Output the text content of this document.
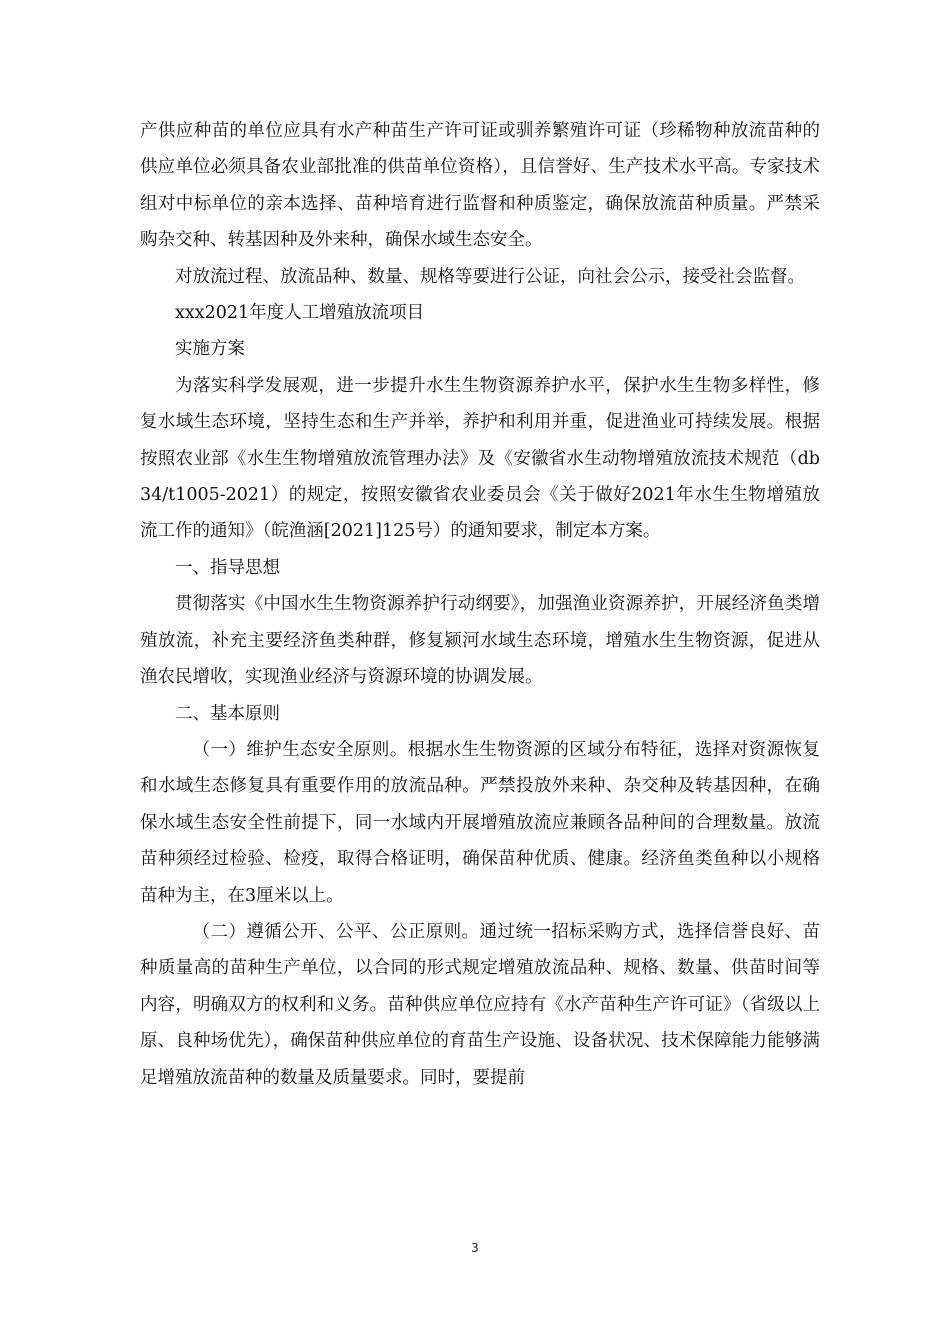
产供应种苗的单位应具有水产种苗生产许可证或驯养繁殖许可证（珍稀物种放流苗种的供应单位必须具备农业部批准的供苗单位资格），且信誉好、生产技术水平高。专家技术组对中标单位的亲本选择、苗种培育进行监督和种质鉴定，确保放流苗种质量。严禁采购杂交种、转基因种及外来种，确保水域生态安全。

对放流过程、放流品种、数量、规格等要进行公证，向社会公示，接受社会监督。

xxx2021年度人工增殖放流项目

实施方案

为落实科学发展观，进一步提升水生生物资源养护水平，保护水生生物多样性，修复水域生态环境，坚持生态和生产并举，养护和利用并重，促进渔业可持续发展。根据按照农业部《水生生物增殖放流管理办法》及《安徽省水生动物增殖放流技术规范（db34/t1005-2021）的规定，按照安徽省农业委员会《关于做好2021年水生生物增殖放流工作的通知》（皖渔涵[2021]125号）的通知要求，制定本方案。

一、指导思想

贯彻落实《中国水生生物资源养护行动纲要》，加强渔业资源养护，开展经济鱼类增殖放流，补充主要经济鱼类种群，修复颍河水域生态环境，增殖水生生物资源，促进从渔农民增收，实现渔业经济与资源环境的协调发展。

二、基本原则

（一）维护生态安全原则。根据水生生物资源的区域分布特征，选择对资源恢复和水域生态修复具有重要作用的放流品种。严禁投放外来种、杂交种及转基因种，在确保水域生态安全性前提下，同一水域内开展增殖放流应兼顾各品种间的合理数量。放流苗种须经过检验、检疫，取得合格证明，确保苗种优质、健康。经济鱼类鱼种以小规格苗种为主，在3厘米以上。

（二）遵循公开、公平、公正原则。通过统一招标采购方式，选择信誉良好、苗种质量高的苗种生产单位，以合同的形式规定增殖放流品种、规格、数量、供苗时间等内容，明确双方的权利和义务。苗种供应单位应持有《水产苗种生产许可证》（省级以上原、良种场优先），确保苗种供应单位的育苗生产设施、设备状况、技术保障能力能够满足增殖放流苗种的数量及质量要求。同时，要提前

3
